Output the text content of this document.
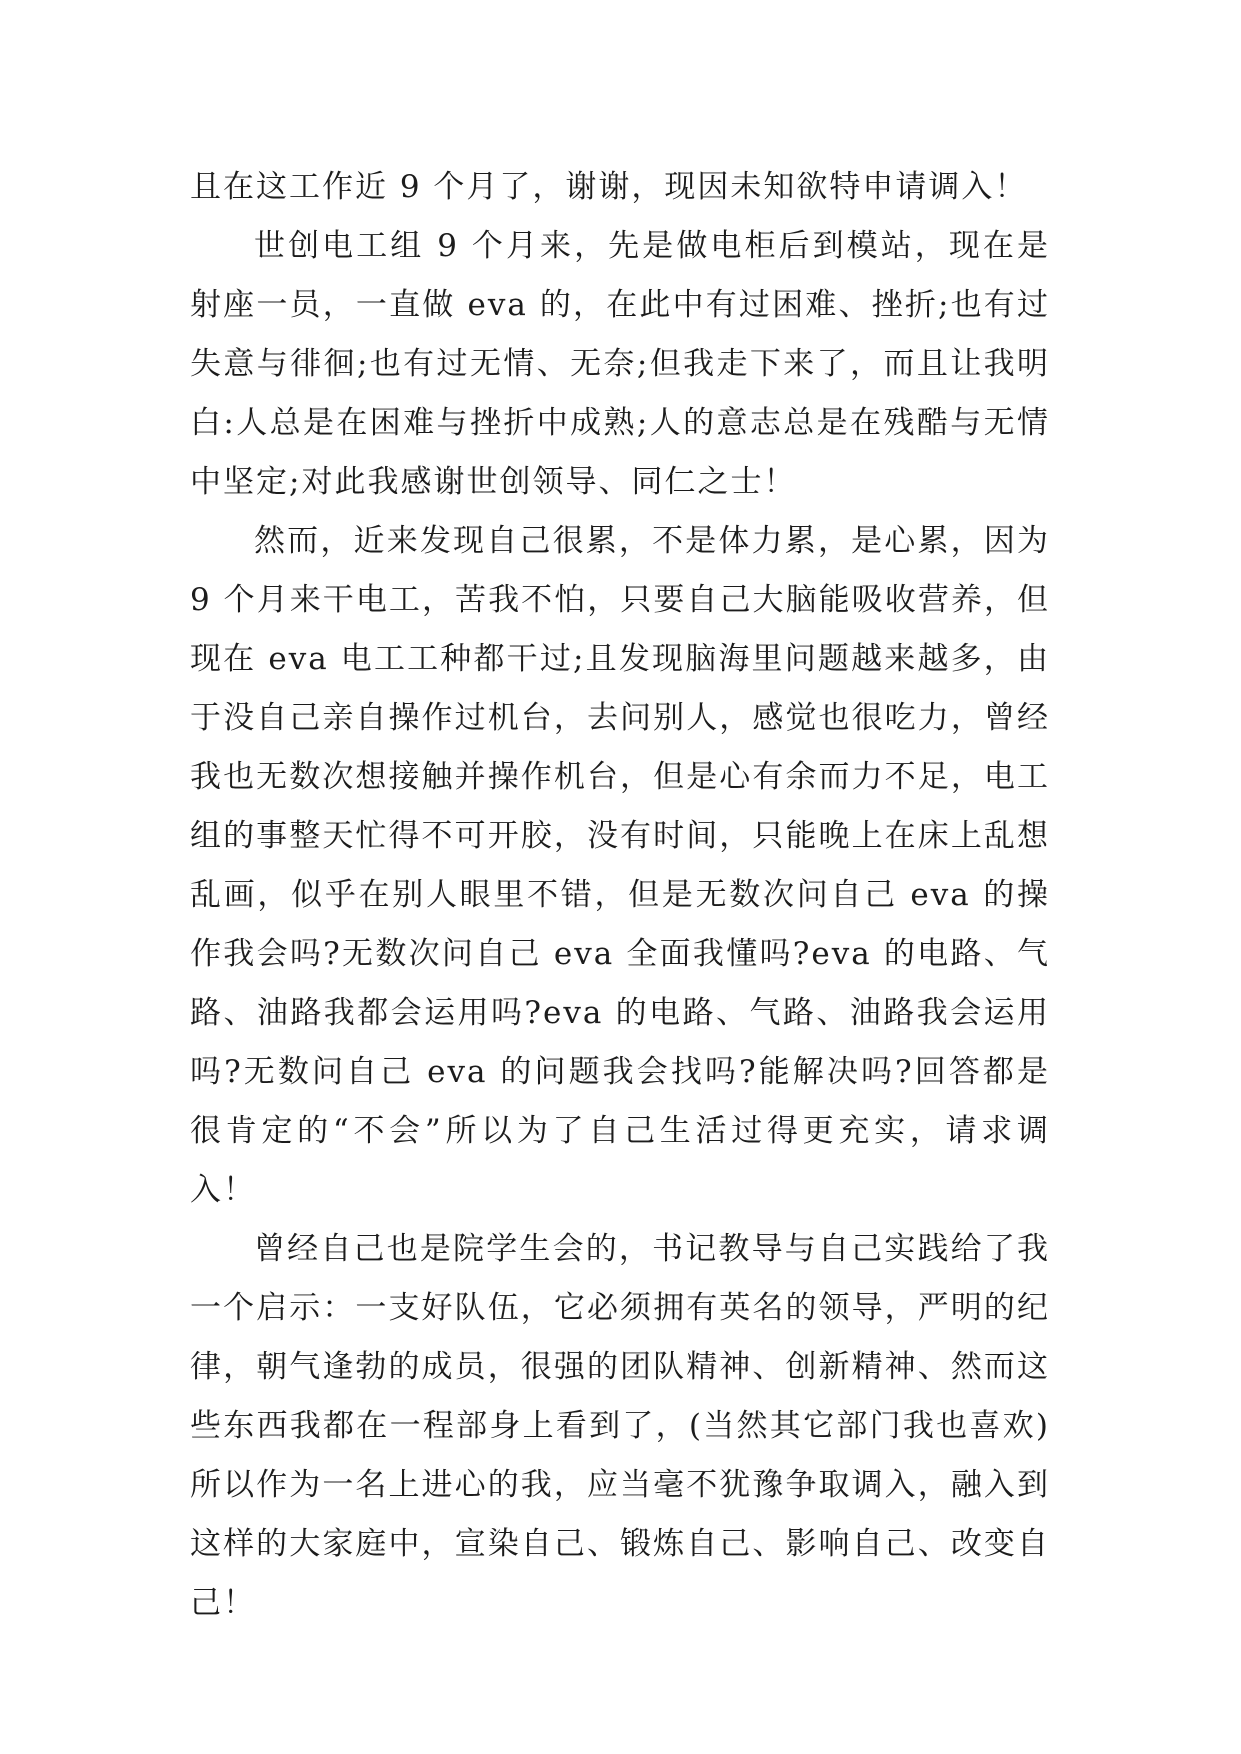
且在这工作近 9 个月了，谢谢，现因未知欲特申请调入！

世创电工组 9 个月来，先是做电柜后到模站，现在是射座一员，一直做 eva 的，在此中有过困难、挫折;也有过失意与徘徊;也有过无情、无奈;但我走下来了，而且让我明白:人总是在困难与挫折中成熟;人的意志总是在残酷与无情中坚定;对此我感谢世创领导、同仁之士！

然而，近来发现自己很累，不是体力累，是心累，因为 9 个月来干电工，苦我不怕，只要自己大脑能吸收营养，但现在 eva 电工工种都干过;且发现脑海里问题越来越多，由于没自己亲自操作过机台，去问别人，感觉也很吃力，曾经我也无数次想接触并操作机台，但是心有余而力不足，电工组的事整天忙得不可开胶，没有时间，只能晚上在床上乱想乱画，似乎在别人眼里不错，但是无数次问自己 eva 的操作我会吗?无数次问自己 eva 全面我懂吗?eva 的电路、气路、油路我都会运用吗?eva 的电路、气路、油路我会运用吗?无数问自己 eva 的问题我会找吗?能解决吗?回答都是很肯定的“不会”所以为了自己生活过得更充实，请求调入！

曾经自己也是院学生会的，书记教导与自己实践给了我一个启示：一支好队伍，它必须拥有英名的领导，严明的纪律，朝气逢勃的成员，很强的团队精神、创新精神、然而这些东西我都在一程部身上看到了，(当然其它部门我也喜欢)所以作为一名上进心的我，应当毫不犹豫争取调入，融入到这样的大家庭中，宣染自己、锻炼自己、影响自己、改变自己！
